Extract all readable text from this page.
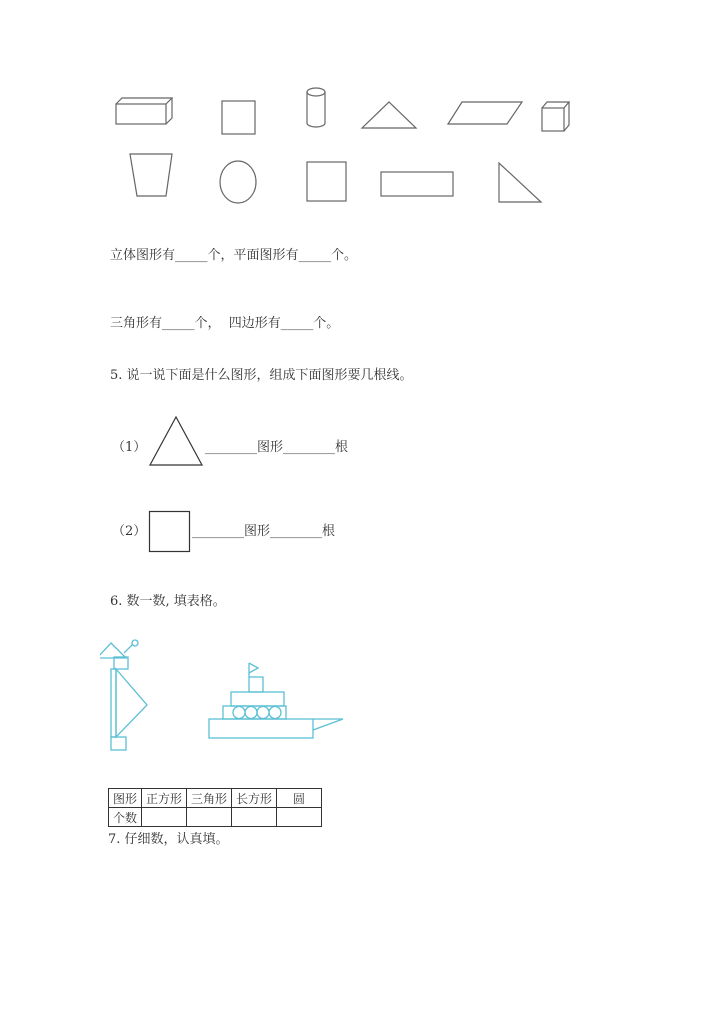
立体图形有_____个，平面图形有_____个。
三角形有_____个，  四边形有_____个。
5. 说一说下面是什么图形，组成下面图形要几根线。
（1）	________图形________根
（2）	________图形________根
6. 数一数, 填表格。
图形	正方形	三角形	长方形	圆
个数				
7. 仔细数，认真填。
